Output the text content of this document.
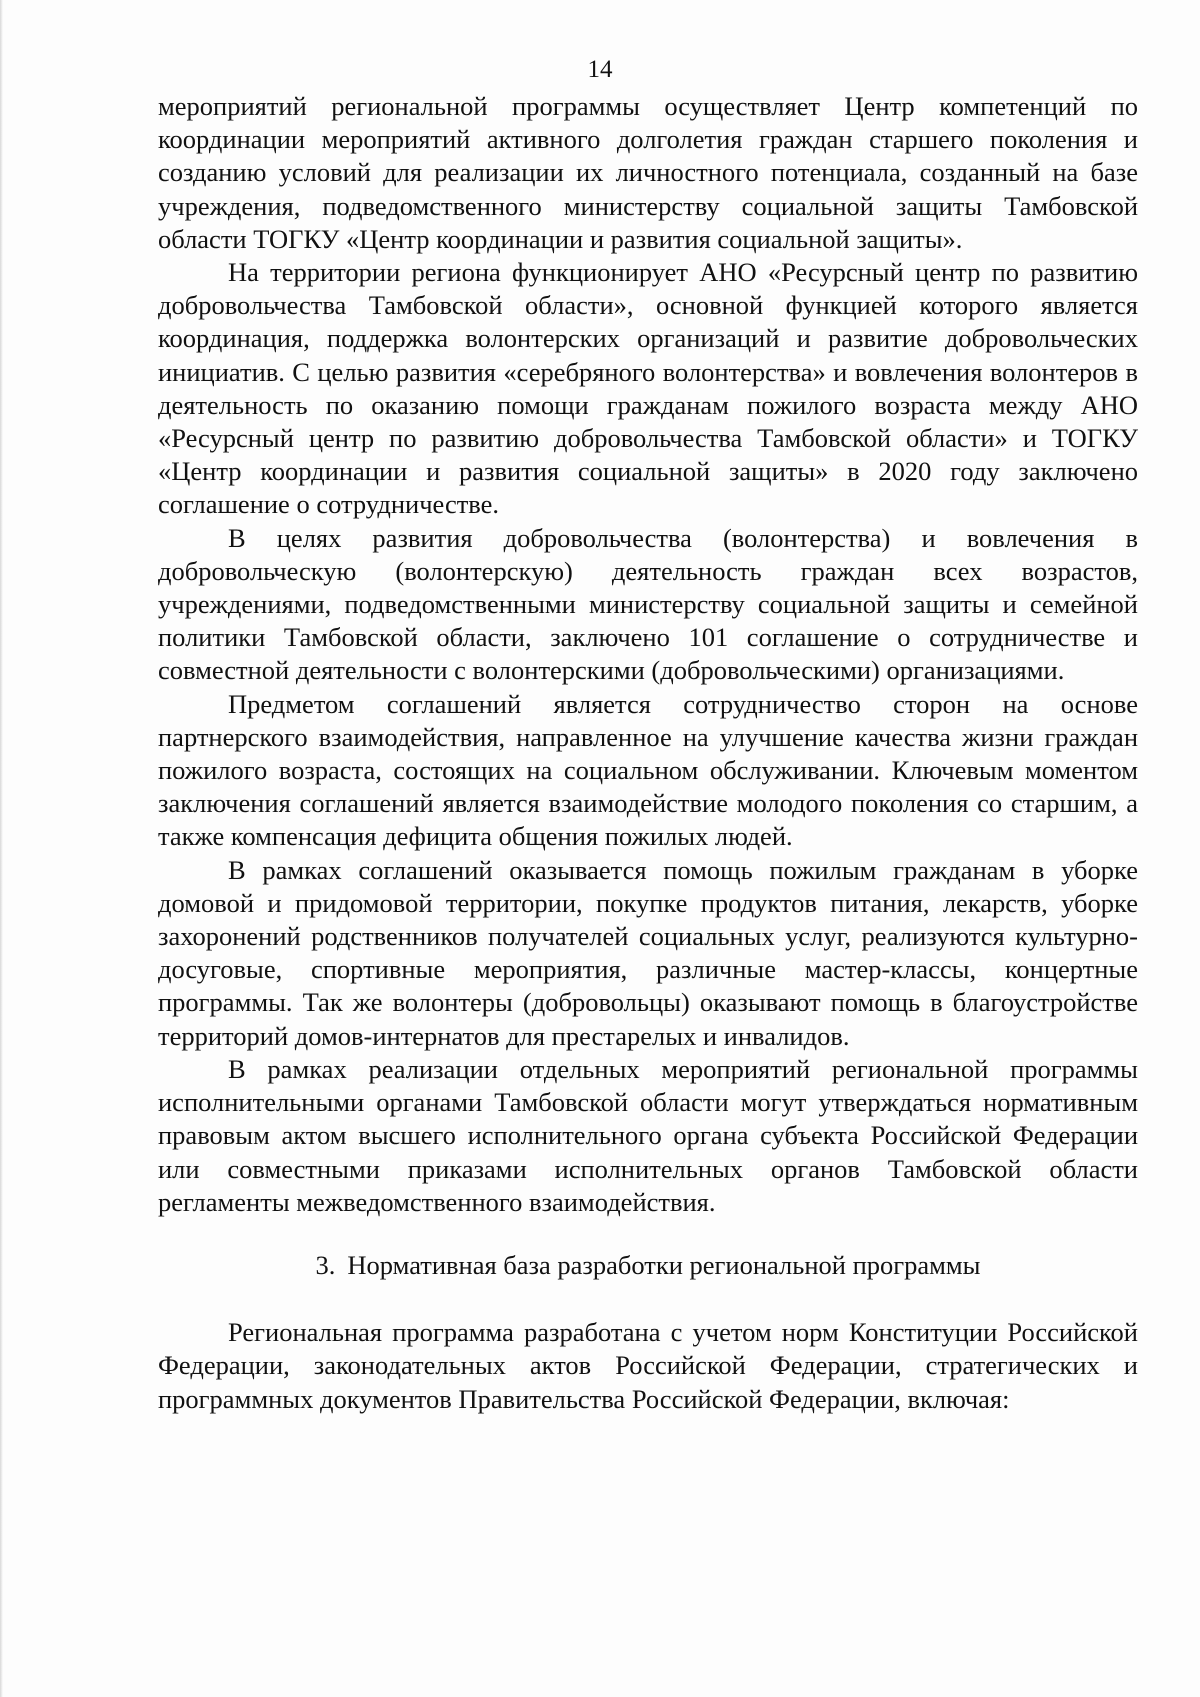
14

мероприятий региональной программы осуществляет Центр компетенций по координации мероприятий активного долголетия граждан старшего поколения и созданию условий для реализации их личностного потенциала, созданный на базе учреждения, подведомственного министерству социальной защиты Тамбовской области ТОГКУ «Центр координации и развития социальной защиты».

На территории региона функционирует АНО «Ресурсный центр по развитию добровольчества Тамбовской области», основной функцией которого является координация, поддержка волонтерских организаций и развитие добровольческих инициатив. С целью развития «серебряного волонтерства» и вовлечения волонтеров в деятельность по оказанию помощи гражданам пожилого возраста между АНО «Ресурсный центр по развитию добровольчества Тамбовской области» и ТОГКУ «Центр координации и развития социальной защиты» в 2020 году заключено соглашение о сотрудничестве.

В целях развития добровольчества (волонтерства) и вовлечения в добровольческую (волонтерскую) деятельность граждан всех возрастов, учреждениями, подведомственными министерству социальной защиты и семейной политики Тамбовской области, заключено 101 соглашение о сотрудничестве и совместной деятельности с волонтерскими (добровольческими) организациями.

Предметом соглашений является сотрудничество сторон на основе партнерского взаимодействия, направленное на улучшение качества жизни граждан пожилого возраста, состоящих на социальном обслуживании. Ключевым моментом заключения соглашений является взаимодействие молодого поколения со старшим, а также компенсация дефицита общения пожилых людей.

В рамках соглашений оказывается помощь пожилым гражданам в уборке домовой и придомовой территории, покупке продуктов питания, лекарств, уборке захоронений родственников получателей социальных услуг, реализуются культурно-досуговые, спортивные мероприятия, различные мастер-классы, концертные программы. Так же волонтеры (добровольцы) оказывают помощь в благоустройстве территорий домов-интернатов для престарелых и инвалидов.

В рамках реализации отдельных мероприятий региональной программы исполнительными органами Тамбовской области могут утверждаться нормативным правовым актом высшего исполнительного органа субъекта Российской Федерации или совместными приказами исполнительных органов Тамбовской области регламенты межведомственного взаимодействия.

3. Нормативная база разработки региональной программы

Региональная программа разработана с учетом норм Конституции Российской Федерации, законодательных актов Российской Федерации, стратегических и программных документов Правительства Российской Федерации, включая:
